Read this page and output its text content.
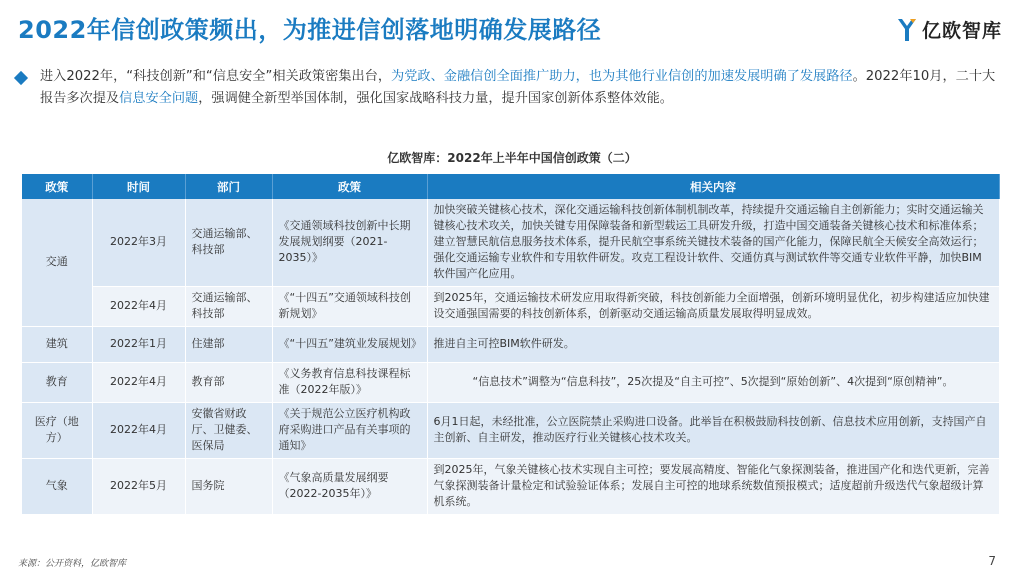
2022年信创政策频出，为推进信创落地明确发展路径	亿欧智库
进入2022年，“科技创新”和“信息安全”相关政策密集出台，为党政、金融信创全面推广助力，也为其他行业信创的加速发展明确了发展路径。2022年10月，二十大报告多次提及信息安全问题，强调健全新型举国体制，强化国家战略科技力量，提升国家创新体系整体效能。
亿欧智库：2022年上半年中国信创政策（二）
政策	时间	部门	政策	相关内容
交通	2022年3月	交通运输部、科技部	《交通领域科技创新中长期发展规划纲要（2021-2035）》	加快突破关键核心技术，深化交通运输科技创新体制机制改革，持续提升交通运输自主创新能力；实时交通运输关键核心技术攻关，加快关键专用保障装备和新型载运工具研发升级，打造中国交通装备关键核心技术和标准体系；建立智慧民航信息服务技术体系，提升民航空事系统关键技术装备的国产化能力，保障民航全天候安全高效运行；强化交通运输专业软件和专用软件研发。攻克工程设计软件、交通仿真与测试软件等交通专业软件平静，加快BIM软件国产化应用。
	2022年4月	交通运输部、科技部	《“十四五”交通领域科技创新规划》	到2025年，交通运输技术研发应用取得新突破，科技创新能力全面增强，创新环境明显优化，初步构建适应加快建设交通强国需要的科技创新体系，创新驱动交通运输高质量发展取得明显成效。
建筑	2022年1月	住建部	《“十四五”建筑业发展规划》	推进自主可控BIM软件研发。
教育	2022年4月	教育部	《义务教育信息科技课程标准（2022年版）》	“信息技术”调整为“信息科技”，25次提及“自主可控”、5次提到“原始创新”、4次提到“原创精神”。
医疗（地方）	2022年4月	安徽省财政厅、卫健委、医保局	《关于规范公立医疗机构政府采购进口产品有关事项的通知》	6月1日起，未经批准，公立医院禁止采购进口设备。此举旨在积极鼓励科技创新、信息技术应用创新，支持国产自主创新、自主研发，推动医疗行业关键核心技术攻关。
气象	2022年5月	国务院	《气象高质量发展纲要（2022-2035年）》	到2025年，气象关键核心技术实现自主可控；要发展高精度、智能化气象探测装备，推进国产化和迭代更新，完善气象探测装备计量检定和试验验证体系；发展自主可控的地球系统数值预报模式；适度超前升级迭代气象超级计算机系统。
来源：公开资料，亿欧智库	7
